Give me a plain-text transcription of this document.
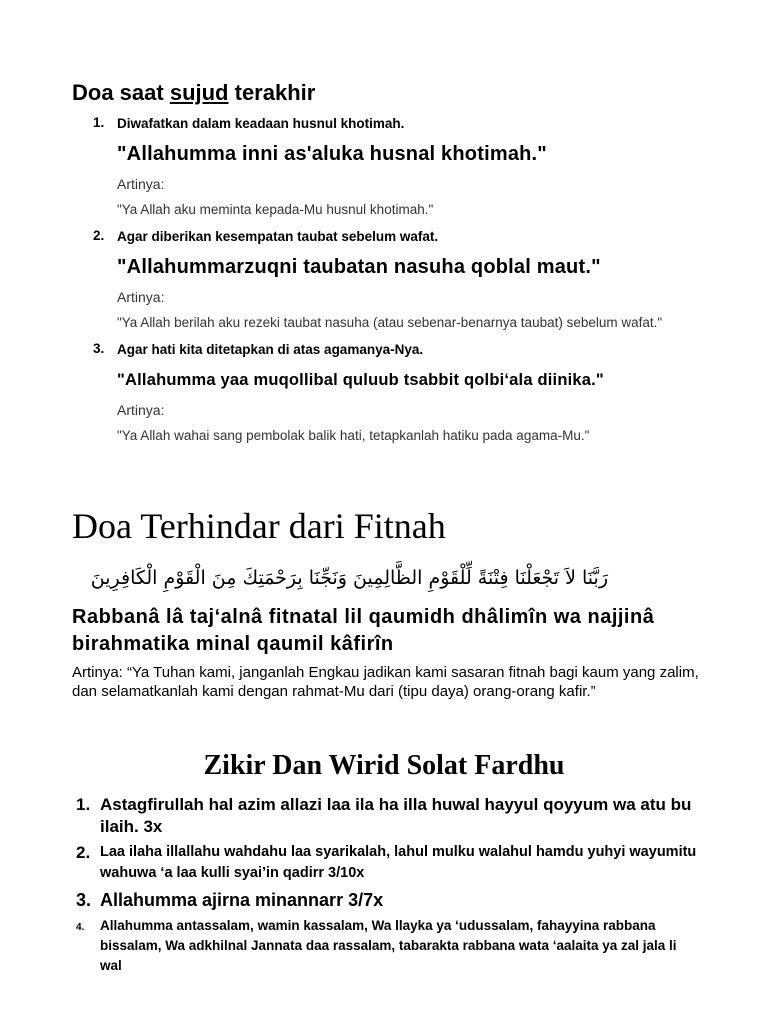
Doa saat sujud terakhir
1. Diwafatkan dalam keadaan husnul khotimah.

"Allahumma inni as'aluka husnal khotimah."

Artinya:

"Ya Allah aku meminta kepada-Mu husnul khotimah."

2. Agar diberikan kesempatan taubat sebelum wafat.

"Allahummarzuqni taubatan nasuha qoblal maut."

Artinya:

"Ya Allah berilah aku rezeki taubat nasuha (atau sebenar-benarnya taubat) sebelum wafat."

3. Agar hati kita ditetapkan di atas agamanya-Nya.

"Allahumma yaa muqollibal quluub tsabbit qolbi‘ala diinika."

Artinya:

"Ya Allah wahai sang pembolak balik hati, tetapkanlah hatiku pada agama-Mu."

Doa Terhindar dari Fitnah
رَبَّنَا لاَ تَجْعَلْنَا فِتْنَةً لِّلْقَوْمِ الظَّالِمِينَ وَنَجِّنَا بِرَحْمَتِكَ مِنَ الْقَوْمِ الْكَافِرِينَ

Rabbanâ lâ taj‘alnâ fitnatal lil qaumidh dhâlimîn wa najjinâ birahmatika minal qaumil kâfirîn

Artinya: “Ya Tuhan kami, janganlah Engkau jadikan kami sasaran fitnah bagi kaum yang zalim, dan selamatkanlah kami dengan rahmat-Mu dari (tipu daya) orang-orang kafir.”

Zikir Dan Wirid Solat Fardhu
1. Astagfirullah hal azim allazi laa ila ha illa huwal hayyul qoyyum wa atu bu ilaih. 3x
2. Laa ilaha illallahu wahdahu laa syarikalah, lahul mulku walahul hamdu yuhyi wayumitu wahuwa ‘a laa kulli syai’in qadirr 3/10x
3. Allahumma ajirna minannarr 3/7x
4. Allahumma antassalam, wamin kassalam, Wa llayka ya ‘udussalam, fahayyina rabbana bissalam, Wa adkhilnal Jannata daa rassalam, tabarakta rabbana wata ‘aalaita ya zal jala li wal
